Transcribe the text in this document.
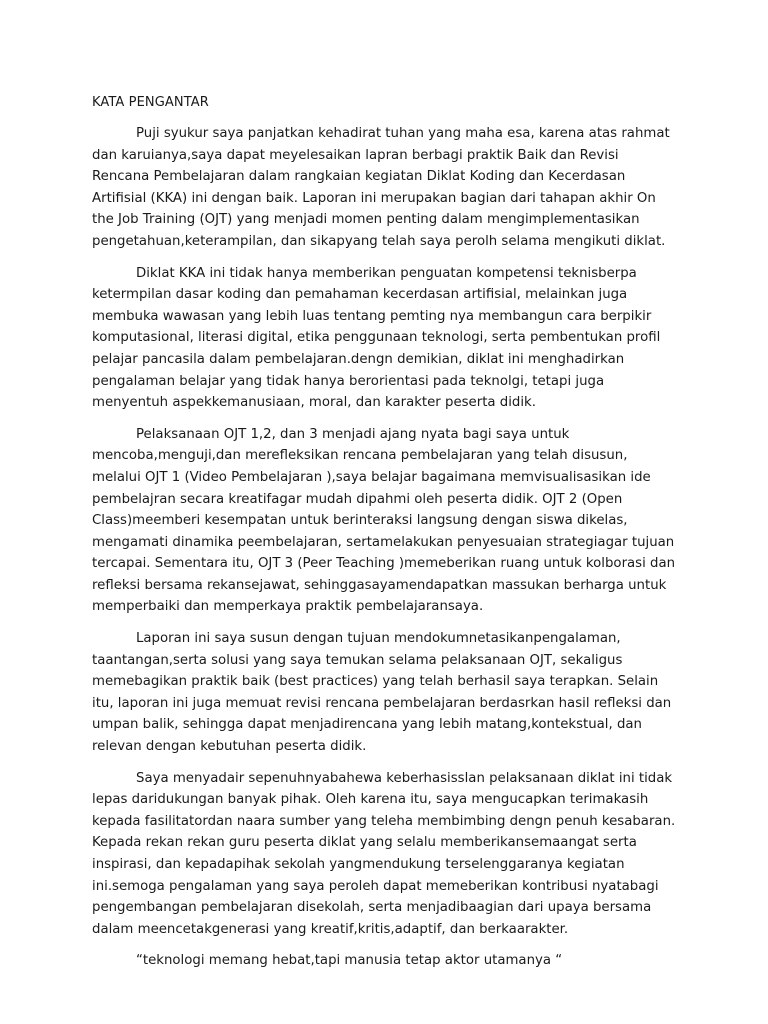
KATA PENGANTAR

Puji syukur saya panjatkan kehadirat tuhan yang maha esa, karena atas rahmat dan karuianya,saya dapat meyelesaikan lapran berbagi praktik Baik dan Revisi Rencana Pembelajaran dalam rangkaian kegiatan Diklat Koding dan Kecerdasan Artifisial (KKA) ini dengan baik. Laporan ini merupakan bagian dari tahapan akhir On the Job Training (OJT) yang menjadi momen penting dalam mengimplementasikan pengetahuan,keterampilan, dan sikapyang telah saya perolh selama mengikuti diklat.

Diklat KKA ini tidak hanya memberikan penguatan kompetensi teknisberpa ketermpilan dasar koding dan pemahaman kecerdasan artifisial, melainkan juga membuka wawasan yang lebih luas tentang pemting nya membangun cara berpikir komputasional, literasi digital, etika penggunaan teknologi, serta pembentukan profil pelajar pancasila dalam pembelajaran.dengn demikian, diklat ini menghadirkan pengalaman belajar yang tidak hanya berorientasi pada teknolgi, tetapi juga menyentuh aspekkemanusiaan, moral, dan karakter peserta didik.

Pelaksanaan OJT 1,2, dan 3 menjadi ajang nyata bagi saya untuk mencoba,menguji,dan merefleksikan rencana pembelajaran yang telah disusun, melalui OJT 1 (Video Pembelajaran ),saya belajar bagaimana memvisualisasikan ide pembelajran secara kreatifagar mudah dipahmi oleh peserta didik. OJT 2 (Open Class)meemberi kesempatan untuk berinteraksi langsung dengan siswa dikelas, mengamati dinamika peembelajaran, sertamelakukan penyesuaian strategiagar tujuan tercapai. Sementara itu, OJT 3 (Peer Teaching )memeberikan ruang untuk kolborasi dan refleksi bersama rekansejawat, sehinggasayamendapatkan massukan berharga untuk memperbaiki dan memperkaya praktik pembelajaransaya.

Laporan ini saya susun dengan tujuan mendokumnetasikanpengalaman, taantangan,serta solusi yang saya temukan selama pelaksanaan OJT, sekaligus memebagikan praktik baik (best practices) yang telah berhasil saya terapkan. Selain itu, laporan ini juga memuat revisi rencana pembelajaran berdasrkan hasil refleksi dan umpan balik, sehingga dapat menjadirencana yang lebih matang,kontekstual, dan relevan dengan kebutuhan peserta didik.

Saya menyadair sepenuhnyabahewa keberhasisslan pelaksanaan diklat ini tidak lepas daridukungan banyak pihak. Oleh karena itu, saya mengucapkan terimakasih kepada fasilitatordan naara sumber yang teleha membimbing dengn penuh kesabaran. Kepada rekan rekan guru peserta diklat yang selalu memberikansemaangat serta inspirasi, dan kepadapihak sekolah yangmendukung terselenggaranya kegiatan ini.semoga pengalaman yang saya peroleh dapat memeberikan kontribusi nyatabagi pengembangan pembelajaran disekolah, serta menjadibaagian dari upaya bersama dalam meencetakgenerasi yang kreatif,kritis,adaptif, dan berkaarakter.

“teknologi memang hebat,tapi manusia tetap aktor utamanya “
